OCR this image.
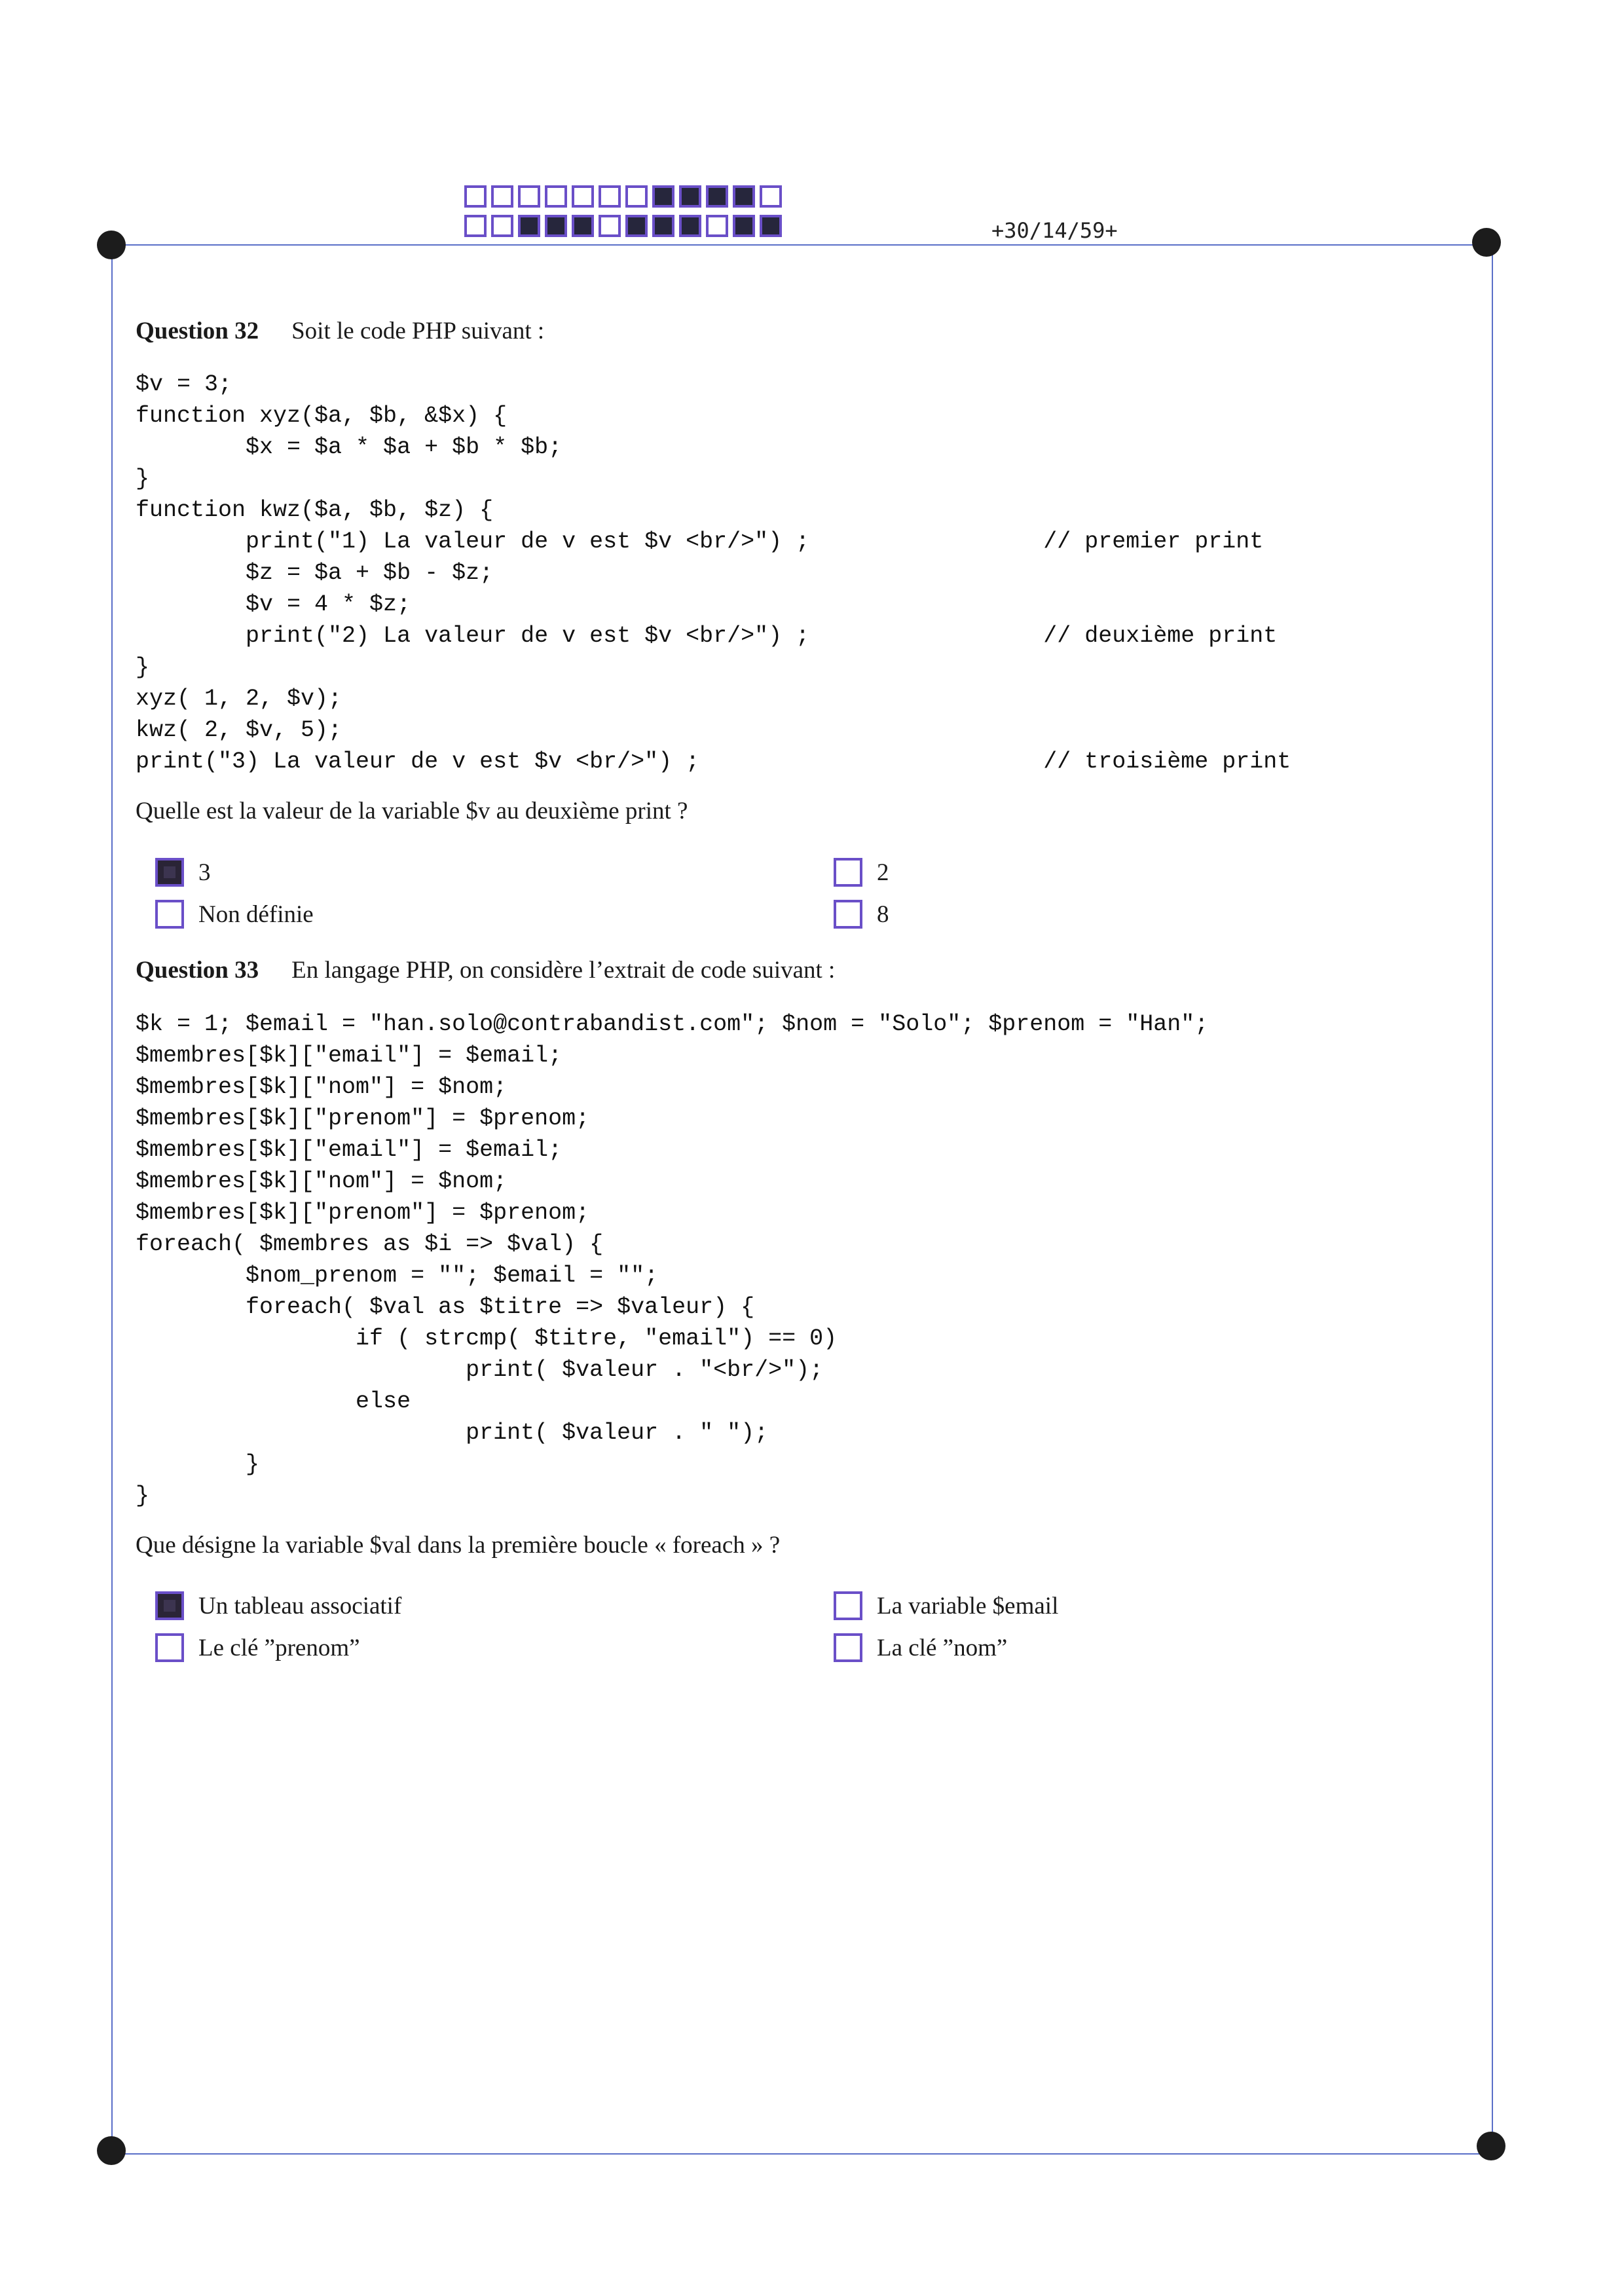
+30/14/59+
Question 32 Soit le code PHP suivant :
$v = 3;
function xyz($a, $b, &$x) {
$x = $a * $a + $b * $b;
}
function kwz($a, $b, $z) {
print("1) La valeur de v est $v <br/>") ;                 // premier print
$z = $a + $b - $z;
$v = 4 * $z;
print("2) La valeur de v est $v <br/>") ;                 // deuxième print
}
xyz( 1, 2, $v);
kwz( 2, $v, 5);
print("3) La valeur de v est $v <br/>") ;                         // troisième print
Quelle est la valeur de la variable $v au deuxième print ?
3	2
Non définie	8
Question 33 En langage PHP, on considère l’extrait de code suivant :
$k = 1; $email = "han.solo@contrabandist.com"; $nom = "Solo"; $prenom = "Han";
$membres[$k]["email"] = $email;
$membres[$k]["nom"] = $nom;
$membres[$k]["prenom"] = $prenom;
$membres[$k]["email"] = $email;
$membres[$k]["nom"] = $nom;
$membres[$k]["prenom"] = $prenom;
foreach( $membres as $i => $val) {
$nom_prenom = ""; $email = "";
foreach( $val as $titre => $valeur) {
if ( strcmp( $titre, "email") == 0)
print( $valeur . "<br/>");
else
print( $valeur . " ");
}
}
Que désigne la variable $val dans la première boucle « foreach » ?
Un tableau associatif	La variable $email
Le clé ”prenom”	La clé ”nom”
